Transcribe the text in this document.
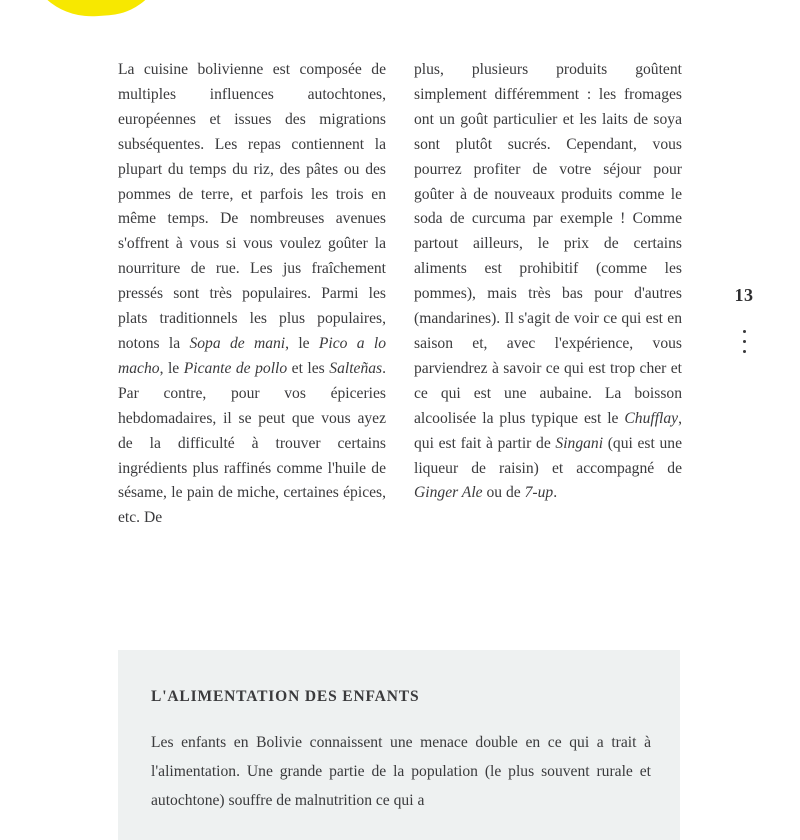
La cuisine bolivienne est composée de multiples influences autochtones, européennes et issues des migrations subséquentes. Les repas contiennent la plupart du temps du riz, des pâtes ou des pommes de terre, et parfois les trois en même temps. De nombreuses avenues s'offrent à vous si vous voulez goûter la nourriture de rue. Les jus fraîchement pressés sont très populaires. Parmi les plats traditionnels les plus populaires, notons la Sopa de mani, le Pico a lo macho, le Picante de pollo et les Salteñas. Par contre, pour vos épiceries hebdomadaires, il se peut que vous ayez de la difficulté à trouver certains ingrédients plus raffinés comme l'huile de sésame, le pain de miche, certaines épices, etc. De

plus, plusieurs produits goûtent simplement différemment : les fromages ont un goût particulier et les laits de soya sont plutôt sucrés. Cependant, vous pourrez profiter de votre séjour pour goûter à de nouveaux produits comme le soda de curcuma par exemple ! Comme partout ailleurs, le prix de certains aliments est prohibitif (comme les pommes), mais très bas pour d'autres (mandarines). Il s'agit de voir ce qui est en saison et, avec l'expérience, vous parviendrez à savoir ce qui est trop cher et ce qui est une aubaine. La boisson alcoolisée la plus typique est le Chufflay, qui est fait à partir de Singani (qui est une liqueur de raisin) et accompagné de Ginger Ale ou de 7-up.

13
L'ALIMENTATION DES ENFANTS

Les enfants en Bolivie connaissent une menace double en ce qui a trait à l'alimentation. Une grande partie de la population (le plus souvent rurale et autochtone) souffre de malnutrition ce qui a
